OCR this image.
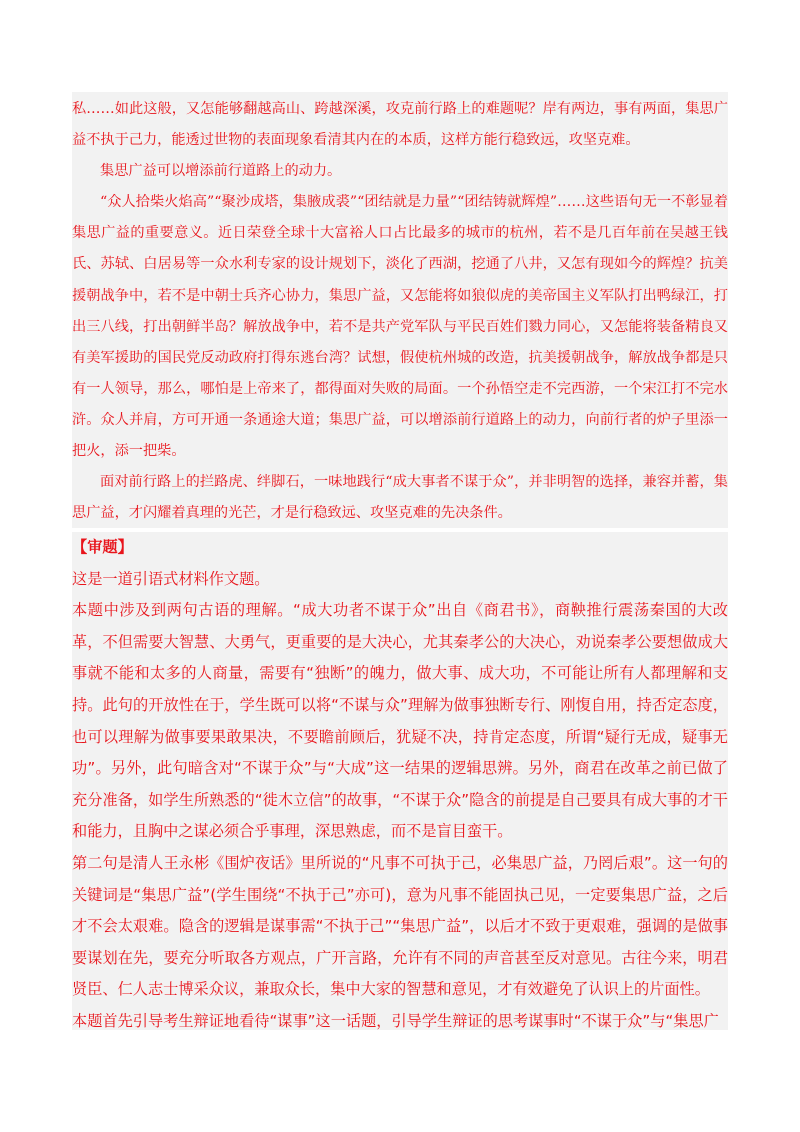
私……如此这般，又怎能够翻越高山、跨越深溪，攻克前行路上的难题呢？岸有两边，事有两面，集思广益不执于己力，能透过世物的表面现象看清其内在的本质，这样方能行稳致远，攻坚克难。

集思广益可以增添前行道路上的动力。

“众人拾柴火焰高”“聚沙成塔，集腋成裘”“团结就是力量”“团结铸就辉煌”……这些语句无一不彰显着集思广益的重要意义。近日荣登全球十大富裕人口占比最多的城市的杭州，若不是几百年前在吴越王钱氏、苏轼、白居易等一众水利专家的设计规划下，淡化了西湖，挖通了八井，又怎有现如今的辉煌？抗美援朝战争中，若不是中朝士兵齐心协力，集思广益，又怎能将如狼似虎的美帝国主义军队打出鸭绿江，打出三八线，打出朝鲜半岛？解放战争中，若不是共产党军队与平民百姓们戮力同心，又怎能将装备精良又有美军援助的国民党反动政府打得东逃台湾？试想，假使杭州城的改造，抗美援朝战争，解放战争都是只有一人领导，那么，哪怕是上帝来了，都得面对失败的局面。一个孙悟空走不完西游，一个宋江打不完水浒。众人并肩，方可开通一条通途大道；集思广益，可以增添前行道路上的动力，向前行者的炉子里添一把火，添一把柴。

面对前行路上的拦路虎、绊脚石，一味地践行“成大事者不谋于众”，并非明智的选择，兼容并蓄，集思广益，才闪耀着真理的光芒，才是行稳致远、攻坚克难的先决条件。

【审题】

这是一道引语式材料作文题。

本题中涉及到两句古语的理解。“成大功者不谋于众”出自《商君书》，商鞅推行震荡秦国的大改革，不但需要大智慧、大勇气，更重要的是大决心，尤其秦孝公的大决心，劝说秦孝公要想做成大事就不能和太多的人商量，需要有“独断”的魄力，做大事、成大功，不可能让所有人都理解和支持。此句的开放性在于，学生既可以将“不谋与众”理解为做事独断专行、刚愎自用，持否定态度，也可以理解为做事要果敢果决，不要瞻前顾后，犹疑不决，持肯定态度，所谓“疑行无成，疑事无功”。另外，此句暗含对“不谋于众”与“大成”这一结果的逻辑思辨。另外，商君在改革之前已做了充分准备，如学生所熟悉的“徙木立信”的故事，“不谋于众”隐含的前提是自己要具有成大事的才干和能力，且胸中之谋必须合乎事理，深思熟虑，而不是盲目蛮干。

第二句是清人王永彬《围炉夜话》里所说的“凡事不可执于己，必集思广益，乃罔后艰”。这一句的关键词是“集思广益”(学生围绕“不执于己”亦可)，意为凡事不能固执己见，一定要集思广益，之后才不会太艰难。隐含的逻辑是谋事需“不执于己”“集思广益”，以后才不致于更艰难，强调的是做事要谋划在先，要充分听取各方观点，广开言路，允许有不同的声音甚至反对意见。古往今来，明君贤臣、仁人志士博采众议，兼取众长，集中大家的智慧和意见，才有效避免了认识上的片面性。

本题首先引导考生辩证地看待“谋事”这一话题，引导学生辩证的思考谋事时“不谋于众”与“集思广
